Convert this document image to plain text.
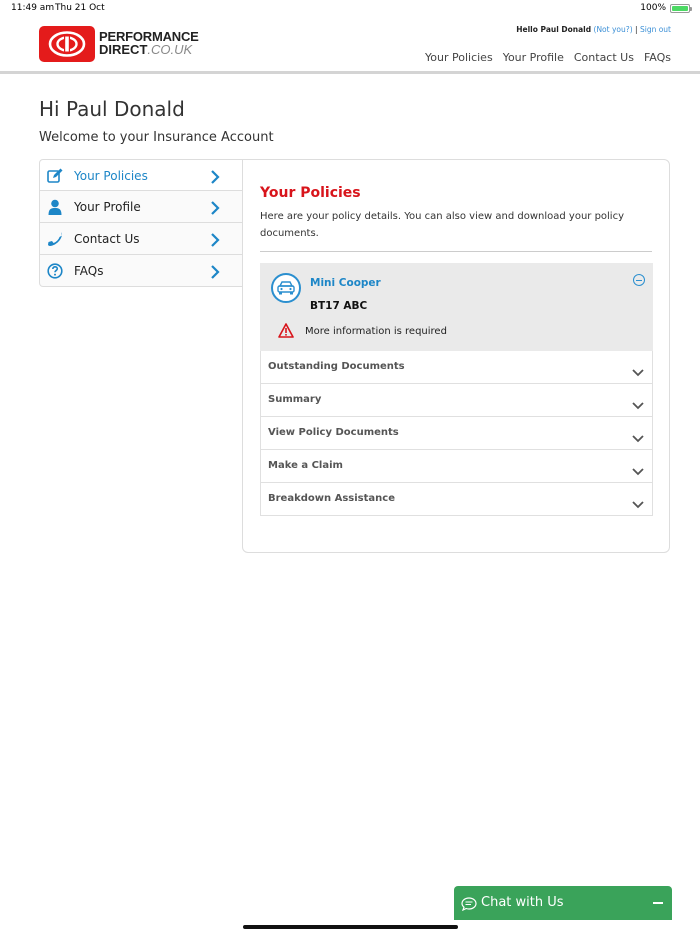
11:49 am Thu 21 Oct	100%
PERFORMANCE
DIRECT.CO.UK
Hello Paul Donald (Not you?) | Sign out
Your Policies Your Profile Contact Us FAQs
Hi Paul Donald
Welcome to your Insurance Account
Your Policies
Your Profile
Contact Us
FAQs
Your Policies
Here are your policy details. You can also view and download your policy documents.
Mini Cooper
BT17 ABC
More information is required
Outstanding Documents
Summary
View Policy Documents
Make a Claim
Breakdown Assistance
Chat with Us
